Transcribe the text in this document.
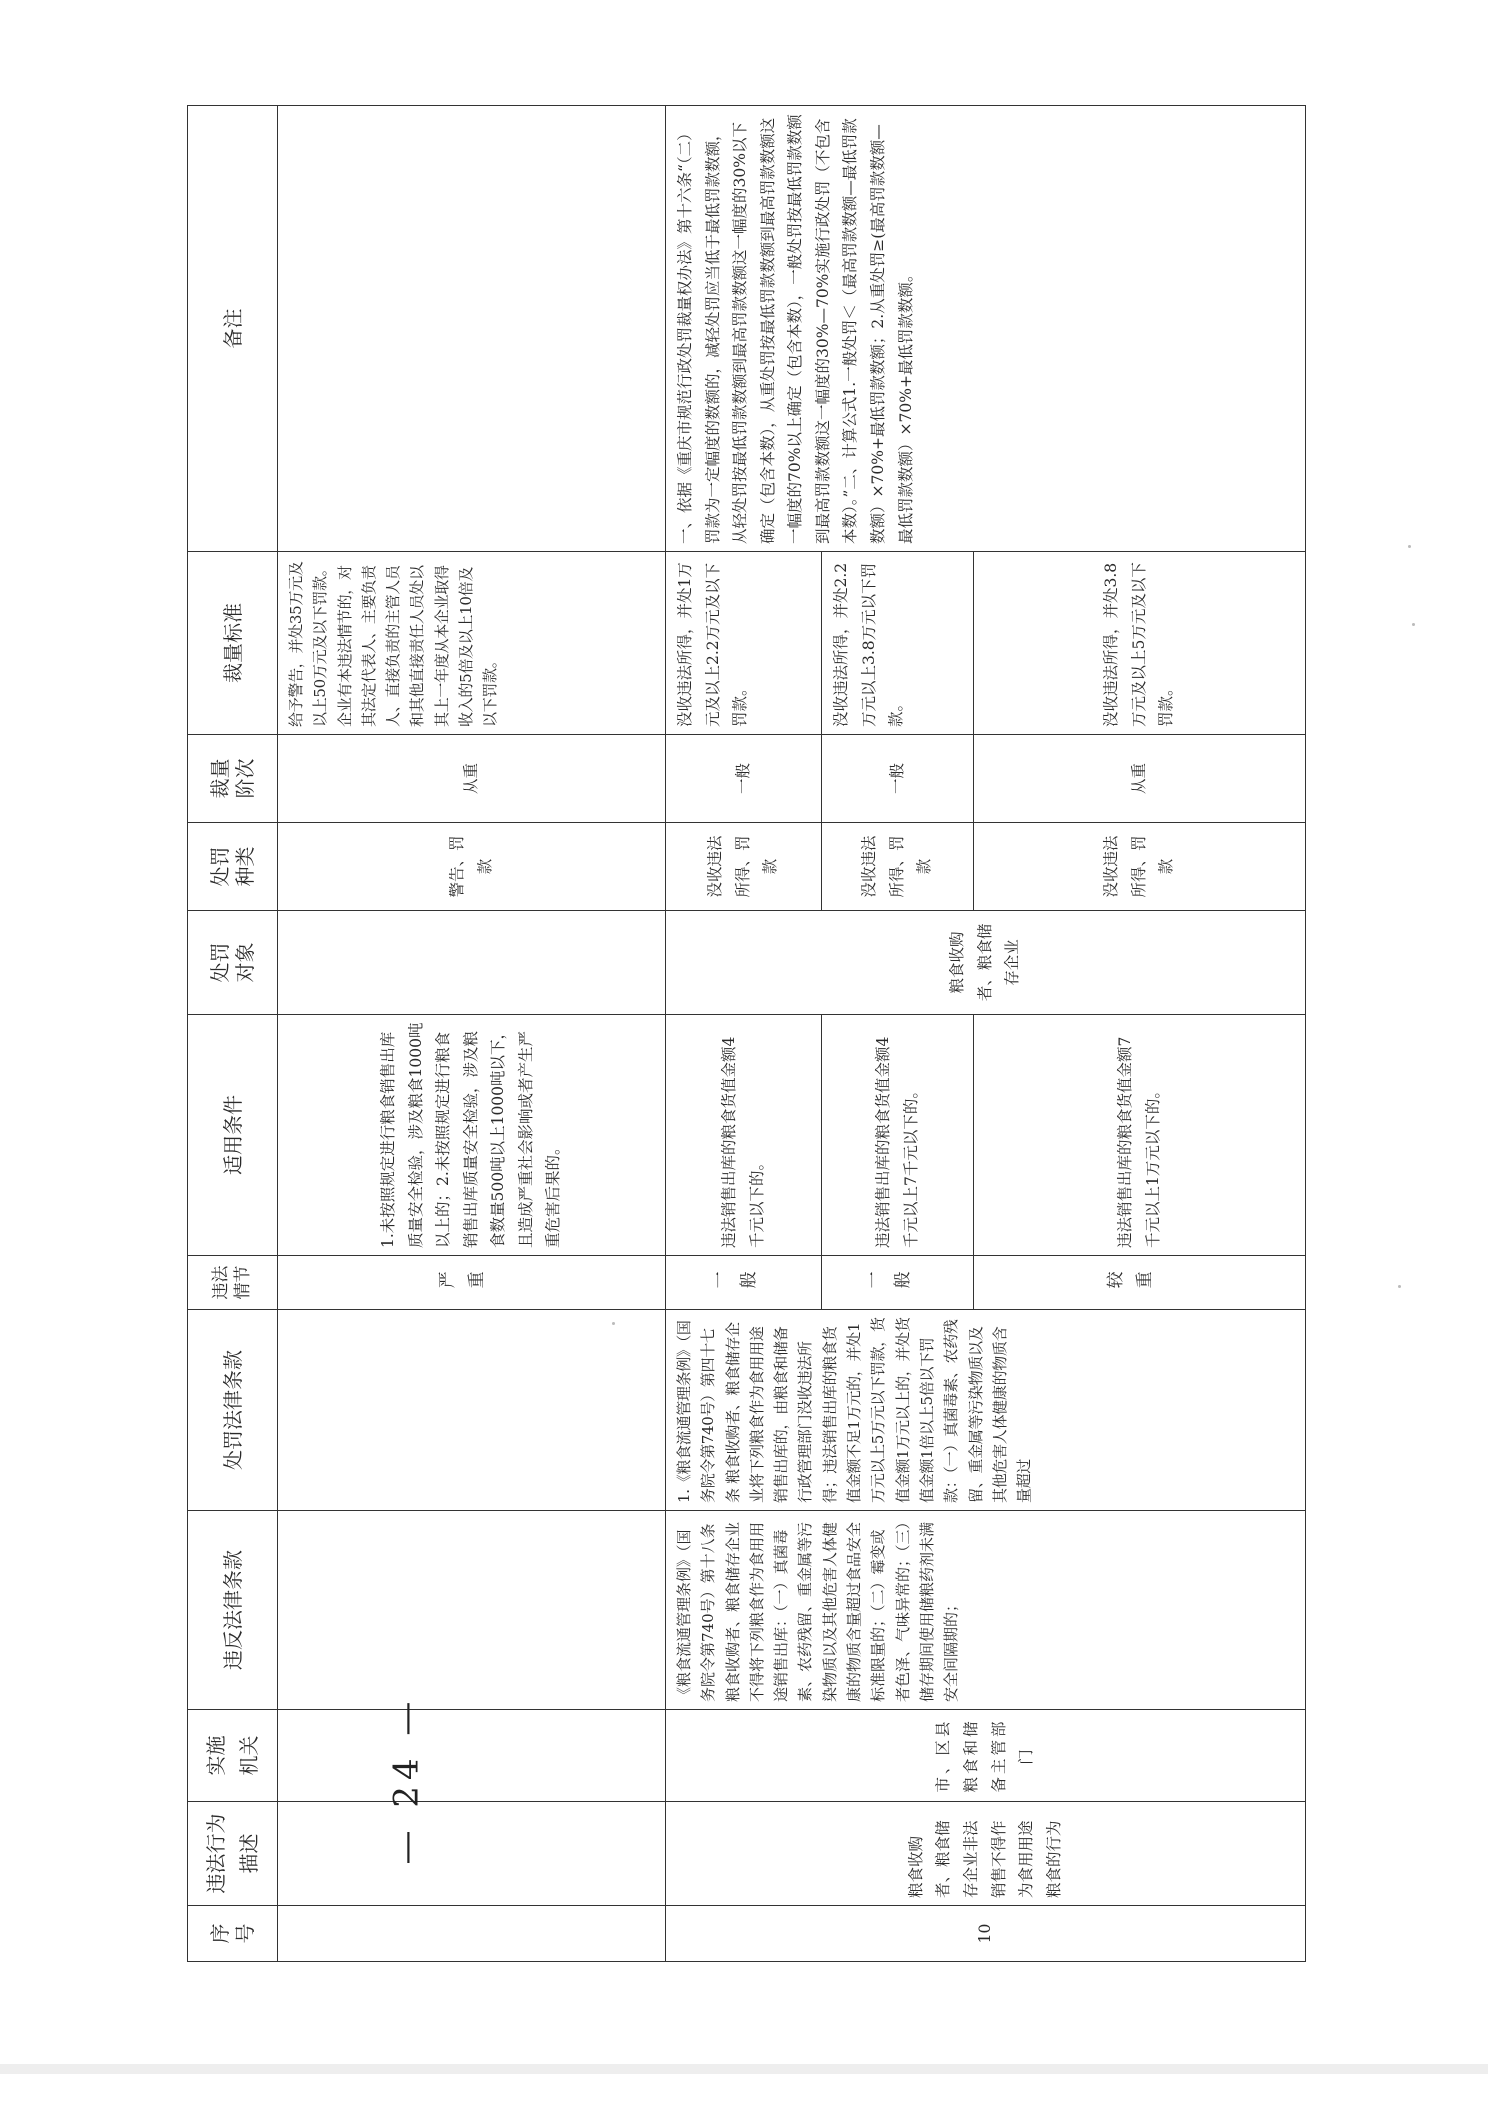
序 号	违法行为 描述	实施 机关	违反法律条款	处罚法律条款	违法 情节	适用条件	处罚 对象	处罚 种类	裁量 阶次	裁量标准	备注
					严重	1.未按照规定进行粮食销售出库质量安全检验，涉及粮食1000吨以上的；2.未按照规定进行粮食销售出库质量安全检验，涉及粮食数量500吨以上1000吨以下，且造成严重社会影响或者产生严重危害后果的。		警告、罚款	从重	给予警告，并处35万元及以上50万元及以下罚款。企业有本违法情节的，对其法定代表人、主要负责人、直接负责的主管人员和其他直接责任人员处以其上一年度从本企业取得收入的5倍及以上10倍及以下罚款。	
10	粮食收购者、粮食储存企业非法销售不得作为食用用途粮食的行为	市、区县粮食和储备主管部门	《粮食流通管理条例》（国务院令第740号）第十八条 粮食收购者、粮食储存企业不得将下列粮食作为食用用途销售出库：（一）真菌毒素、农药残留、重金属等污染物质以及其他危害人体健康的物质含量超过食品安全标准限量的；（二）霉变或者色泽、气味异常的；（三）储存期间使用储粮药剂未满安全间隔期的；	1.《粮食流通管理条例》（国务院令第740号）第四十七条 粮食收购者、粮食储存企业将下列粮食作为食用用途销售出库的，由粮食和储备行政管理部门没收违法所得；违法销售出库的粮食货值金额不足1万元的，并处1万元以上5万元以下罚款，货值金额1万元以上的，并处货值金额1倍以上5倍以下罚款：（一）真菌毒素、农药残留、重金属等污染物质以及其他危害人体健康的物质含量超过	一般	违法销售出库的粮食货值金额4千元以下的。	粮食收购者、粮食储存企业	没收违法所得、罚款	一般	没收违法所得，并处1万元及以上2.2万元及以下罚款。	一、依据《重庆市规范行政处罚裁量权办法》第十六条“（二）罚款为一定幅度的数额的，减轻处罚应当低于最低罚款数额，从轻处罚按最低罚款数额到最高罚款数额这一幅度的30%以下确定（包含本数），从重处罚按最低罚款数额到最高罚款数额这一幅度的70%以上确定（包含本数），一般处罚按最低罚款数额到最高罚款数额这一幅度的30%—70%实施行政处罚（不包含本数）。”二、计算公式1.一般处罚＜（最高罚款数额—最低罚款数额）×70%+最低罚款数额；2.从重处罚≥(最高罚款数额—最低罚款数额）×70%+最低罚款数额。
					一般	违法销售出库的粮食货值金额4千元以上7千元以下的。		没收违法所得、罚款	一般	没收违法所得，并处2.2万元以上3.8万元以下罚款。	
					较重	违法销售出库的粮食货值金额7千元以上1万元以下的。		没收违法所得、罚款	从重	没收违法所得，并处3.8万元及以上5万元及以下罚款。	
— 24 —
